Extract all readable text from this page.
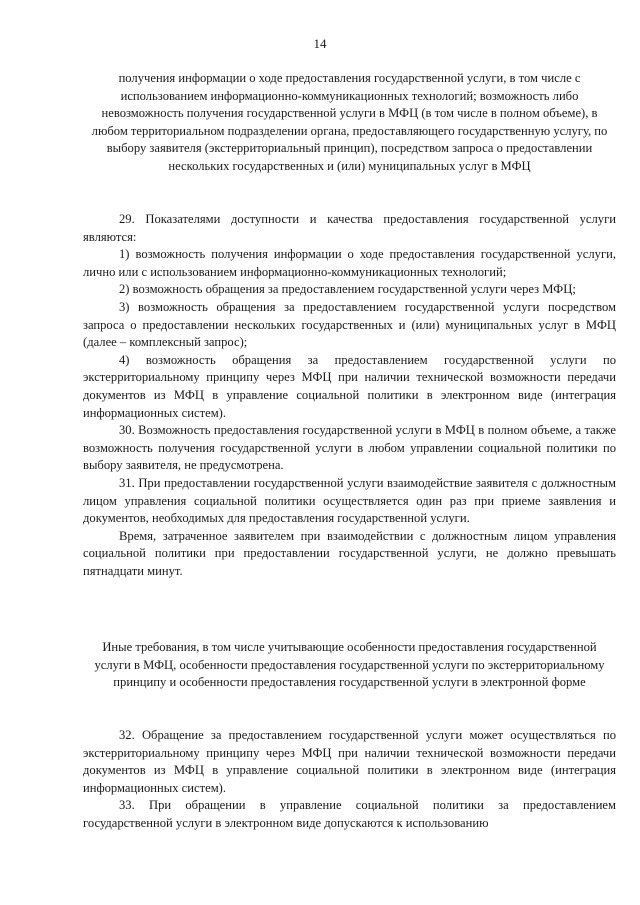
14
получения информации о ходе предоставления государственной услуги, в том числе с использованием информационно-коммуникационных технологий; возможность либо невозможность получения государственной услуги в МФЦ (в том числе в полном объеме), в любом территориальном подразделении органа, предоставляющего государственную услугу, по выбору заявителя (экстерриториальный принцип), посредством запроса о предоставлении нескольких государственных и (или) муниципальных услуг в МФЦ

29. Показателями доступности и качества предоставления государственной услуги являются:

1) возможность получения информации о ходе предоставления государственной услуги, лично или с использованием информационно-коммуникационных технологий;

2) возможность обращения за предоставлением государственной услуги через МФЦ;

3) возможность обращения за предоставлением государственной услуги посредством запроса о предоставлении нескольких государственных и (или) муниципальных услуг в МФЦ (далее – комплексный запрос);

4) возможность обращения за предоставлением государственной услуги по экстерриториальному принципу через МФЦ при наличии технической возможности передачи документов из МФЦ в управление социальной политики в электронном виде (интеграция информационных систем).

30. Возможность предоставления государственной услуги в МФЦ в полном объеме, а также возможность получения государственной услуги в любом управлении социальной политики по выбору заявителя, не предусмотрена.

31. При предоставлении государственной услуги взаимодействие заявителя с должностным лицом управления социальной политики осуществляется один раз при приеме заявления и документов, необходимых для предоставления государственной услуги.

Время, затраченное заявителем при взаимодействии с должностным лицом управления социальной политики при предоставлении государственной услуги, не должно превышать пятнадцати минут.

Иные требования, в том числе учитывающие особенности предоставления государственной услуги в МФЦ, особенности предоставления государственной услуги по экстерриториальному принципу и особенности предоставления государственной услуги в электронной форме

32. Обращение за предоставлением государственной услуги может осуществляться по экстерриториальному принципу через МФЦ при наличии технической возможности передачи документов из МФЦ в управление социальной политики в электронном виде (интеграция информационных систем).

33. При обращении в управление социальной политики за предоставлением государственной услуги в электронном виде допускаются к использованию
